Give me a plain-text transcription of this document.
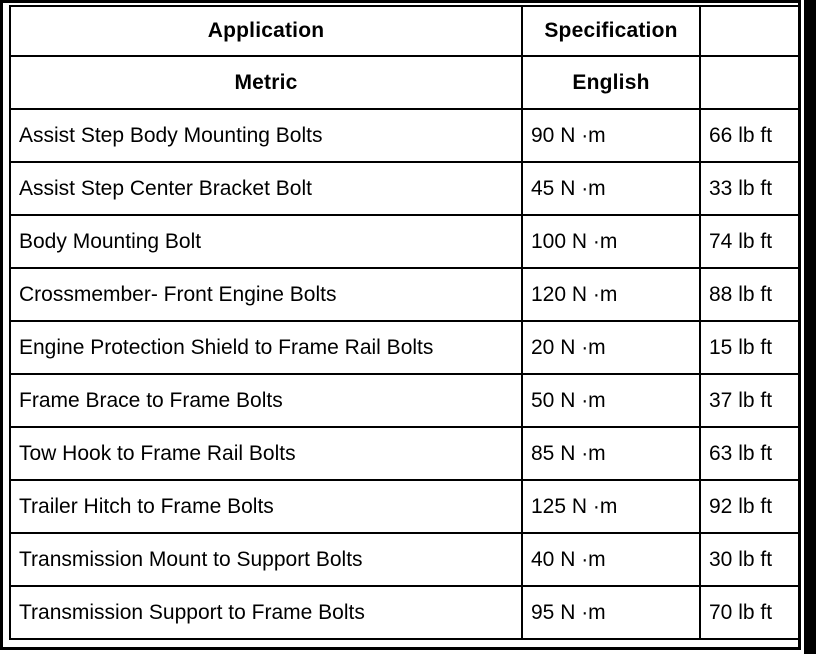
Application	Specification	
Metric	English	
Assist Step Body Mounting Bolts	90 N ·m	66 lb ft
Assist Step Center Bracket Bolt	45 N ·m	33 lb ft
Body Mounting Bolt	100 N ·m	74 lb ft
Crossmember- Front Engine Bolts	120 N ·m	88 lb ft
Engine Protection Shield to Frame Rail Bolts	20 N ·m	15 lb ft
Frame Brace to Frame Bolts	50 N ·m	37 lb ft
Tow Hook to Frame Rail Bolts	85 N ·m	63 lb ft
Trailer Hitch to Frame Bolts	125 N ·m	92 lb ft
Transmission Mount to Support Bolts	40 N ·m	30 lb ft
Transmission Support to Frame Bolts	95 N ·m	70 lb ft
